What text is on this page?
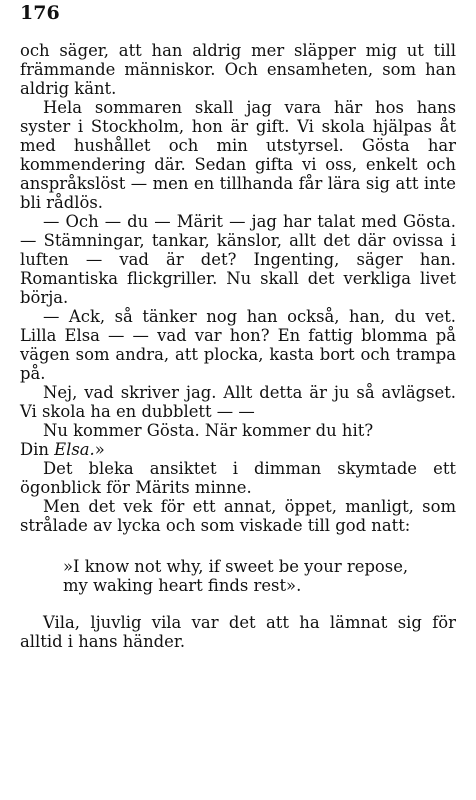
176

och säger, att han aldrig mer släpper mig ut till främmande människor. Och ensamheten, som han aldrig känt.

Hela sommaren skall jag vara här hos hans syster i Stockholm, hon är gift. Vi skola hjälpas åt med hushållet och min utstyrsel. Gösta har kommendering där. Sedan gifta vi oss, enkelt och anspråkslöst — men en tillhanda får lära sig att inte bli rådlös.

— Och — du — Märit — jag har talat med Gösta. — Stämningar, tankar, känslor, allt det där ovissa i luften — vad är det? Ingenting, säger han. Romantiska flickgriller. Nu skall det verkliga livet börja.

— Ack, så tänker nog han också, han, du vet. Lilla Elsa — — vad var hon? En fattig blomma på vägen som andra, att plocka, kasta bort och trampa på.

Nej, vad skriver jag. Allt detta är ju så avlägset. Vi skola ha en dubblett — —

Nu kommer Gösta. När kommer du hit?

Din Elsa.»

Det bleka ansiktet i dimman skymtade ett ögonblick för Märits minne.

Men det vek för ett annat, öppet, manligt, som strålade av lycka och som viskade till god natt:

»I know not why, if sweet be your repose,
my waking heart finds rest».

Vila, ljuvlig vila var det att ha lämnat sig för alltid i hans händer.
